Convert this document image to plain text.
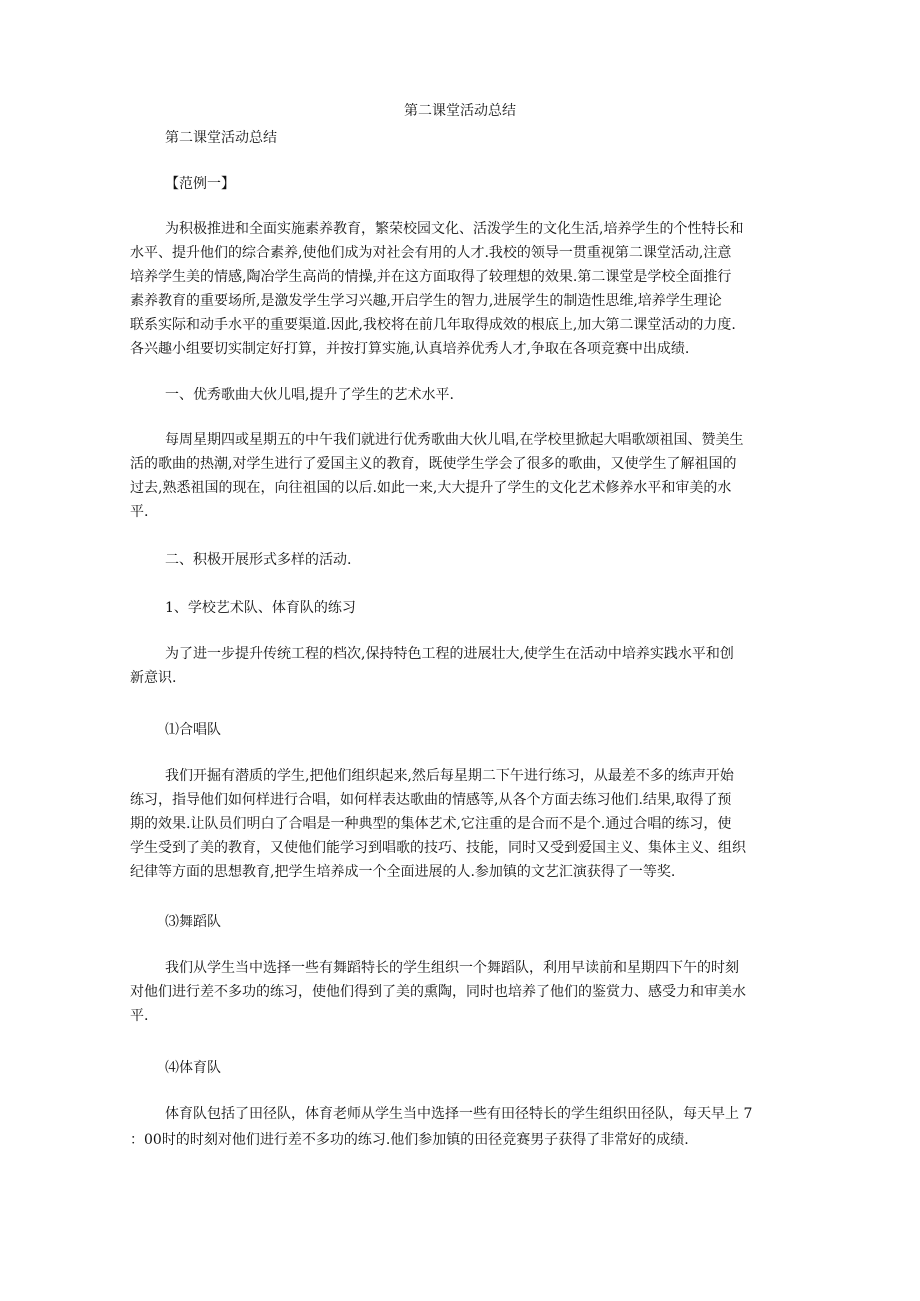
第二课堂活动总结

第二课堂活动总结

【范例一】

为积极推进和全面实施素养教育，繁荣校园文化、活泼学生的文化生活,培养学生的个性特长和

水平、提升他们的综合素养,使他们成为对社会有用的人才.我校的领导一贯重视第二课堂活动,注意

培养学生美的情感,陶冶学生高尚的情操,并在这方面取得了较理想的效果.第二课堂是学校全面推行

素养教育的重要场所,是激发学生学习兴趣,开启学生的智力,进展学生的制造性思维,培养学生理论

联系实际和动手水平的重要渠道.因此,我校将在前几年取得成效的根底上,加大第二课堂活动的力度.

各兴趣小组要切实制定好打算，并按打算实施,认真培养优秀人才,争取在各项竞赛中出成绩.

一、优秀歌曲大伙儿唱,提升了学生的艺术水平.

每周星期四或星期五的中午我们就进行优秀歌曲大伙儿唱,在学校里掀起大唱歌颂祖国、赞美生

活的歌曲的热潮,对学生进行了爱国主义的教育，既使学生学会了很多的歌曲，又使学生了解祖国的

过去,熟悉祖国的现在，向往祖国的以后.如此一来,大大提升了学生的文化艺术修养水平和审美的水

平.

二、积极开展形式多样的活动.

1、学校艺术队、体育队的练习

为了进一步提升传统工程的档次,保持特色工程的进展壮大,使学生在活动中培养实践水平和创

新意识.

⑴合唱队

我们开掘有潜质的学生,把他们组织起来,然后每星期二下午进行练习，从最差不多的练声开始

练习，指导他们如何样进行合唱，如何样表达歌曲的情感等,从各个方面去练习他们.结果,取得了预

期的效果.让队员们明白了合唱是一种典型的集体艺术,它注重的是合而不是个.通过合唱的练习，使

学生受到了美的教育，又使他们能学习到唱歌的技巧、技能，同时又受到爱国主义、集体主义、组织

纪律等方面的思想教育,把学生培养成一个全面进展的人.参加镇的文艺汇演获得了一等奖.

⑶舞蹈队

我们从学生当中选择一些有舞蹈特长的学生组织一个舞蹈队，利用早读前和星期四下午的时刻

对他们进行差不多功的练习，使他们得到了美的熏陶，同时也培养了他们的鉴赏力、感受力和审美水

平.

⑷体育队

体育队包括了田径队，体育老师从学生当中选择一些有田径特长的学生组织田径队，每天早上 7

：00时的时刻对他们进行差不多功的练习.他们参加镇的田径竞赛男子获得了非常好的成绩.
